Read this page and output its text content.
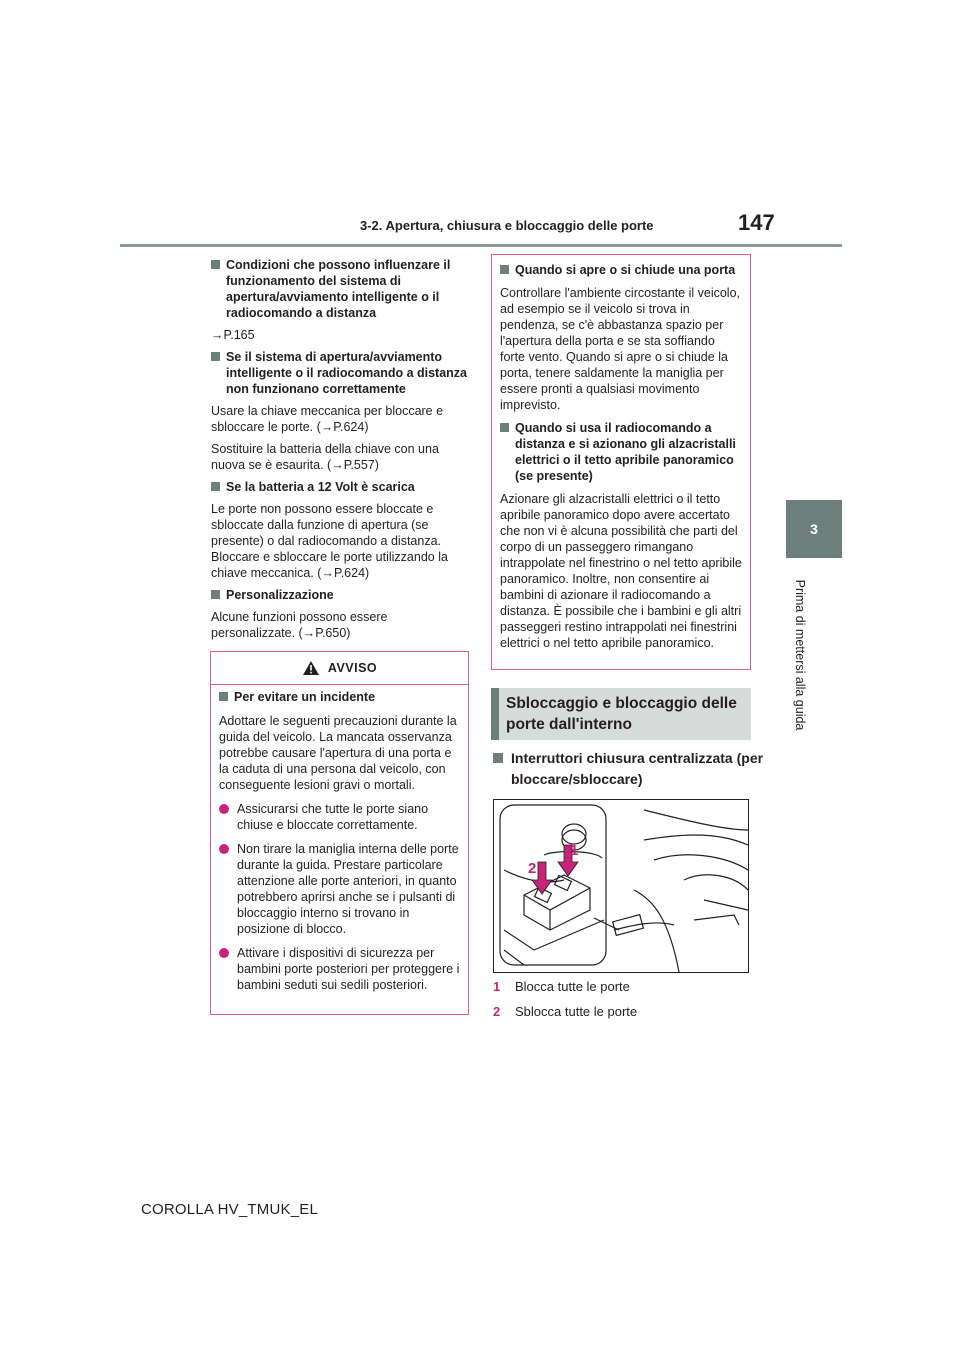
3-2. Apertura, chiusura e bloccaggio delle porte	147
3
Prima di mettersi alla guida
Condizioni che possono influenzare il funzionamento del sistema di apertura/avviamento intelligente o il radiocomando a distanza
→P.165
Se il sistema di apertura/avviamento intelligente o il radiocomando a distanza non funzionano correttamente
Usare la chiave meccanica per bloccare e sbloccare le porte. (→P.624)
Sostituire la batteria della chiave con una nuova se è esaurita. (→P.557)
Se la batteria a 12 Volt è scarica
Le porte non possono essere bloccate e sbloccate dalla funzione di apertura (se presente) o dal radiocomando a distanza. Bloccare e sbloccare le porte utilizzando la chiave meccanica. (→P.624)
Personalizzazione
Alcune funzioni possono essere personalizzate. (→P.650)
AVVISO
Per evitare un incidente
Adottare le seguenti precauzioni durante la guida del veicolo. La mancata osservanza potrebbe causare l'apertura di una porta e la caduta di una persona dal veicolo, con conseguente lesioni gravi o mortali.
Assicurarsi che tutte le porte siano chiuse e bloccate correttamente.
Non tirare la maniglia interna delle porte durante la guida. Prestare particolare attenzione alle porte anteriori, in quanto potrebbero aprirsi anche se i pulsanti di bloccaggio interno si trovano in posizione di blocco.
Attivare i dispositivi di sicurezza per bambini porte posteriori per proteggere i bambini seduti sui sedili posteriori.
Quando si apre o si chiude una porta
Controllare l'ambiente circostante il veicolo, ad esempio se il veicolo si trova in pendenza, se c'è abbastanza spazio per l'apertura della porta e se sta soffiando forte vento. Quando si apre o si chiude la porta, tenere saldamente la maniglia per essere pronti a qualsiasi movimento imprevisto.
Quando si usa il radiocomando a distanza e si azionano gli alzacristalli elettrici o il tetto apribile panoramico (se presente)
Azionare gli alzacristalli elettrici o il tetto apribile panoramico dopo avere accertato che non vi è alcuna possibilità che parti del corpo di un passeggero rimangano intrappolate nel finestrino o nel tetto apribile panoramico. Inoltre, non consentire ai bambini di azionare il radiocomando a distanza. È possibile che i bambini e gli altri passeggeri restino intrappolati nei finestrini elettrici o nel tetto apribile panoramico.
Sbloccaggio e bloccaggio delle porte dall'interno
Interruttori chiusura centralizzata (per bloccare/sbloccare)
1
2
1 Blocca tutte le porte
2 Sblocca tutte le porte
COROLLA HV_TMUK_EL
